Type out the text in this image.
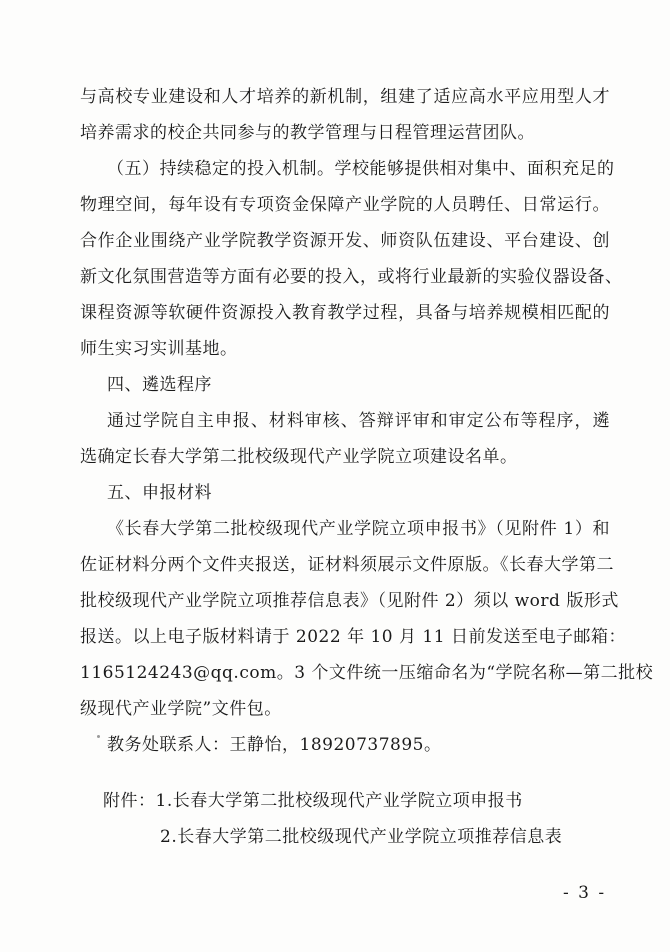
与高校专业建设和人才培养的新机制，组建了适应高水平应用型人才
培养需求的校企共同参与的教学管理与日程管理运营团队。
（五）持续稳定的投入机制。学校能够提供相对集中、面积充足的
物理空间，每年设有专项资金保障产业学院的人员聘任、日常运行。
合作企业围绕产业学院教学资源开发、师资队伍建设、平台建设、创
新文化氛围营造等方面有必要的投入，或将行业最新的实验仪器设备、
课程资源等软硬件资源投入教育教学过程，具备与培养规模相匹配的
师生实习实训基地。
四、遴选程序
通过学院自主申报、材料审核、答辩评审和审定公布等程序，遴
选确定长春大学第二批校级现代产业学院立项建设名单。
五、申报材料
《长春大学第二批校级现代产业学院立项申报书》（见附件 1）和
佐证材料分两个文件夹报送，证材料须展示文件原版。《长春大学第二
批校级现代产业学院立项推荐信息表》（见附件 2）须以 word 版形式
报送。以上电子版材料请于 2022 年 10 月 11 日前发送至电子邮箱：
1165124243@qq.com。3 个文件统一压缩命名为“学院名称—第二批校
级现代产业学院”文件包。
教务处联系人：王静怡，18920737895。
附件：1.长春大学第二批校级现代产业学院立项申报书
2.长春大学第二批校级现代产业学院立项推荐信息表
- 3 -
